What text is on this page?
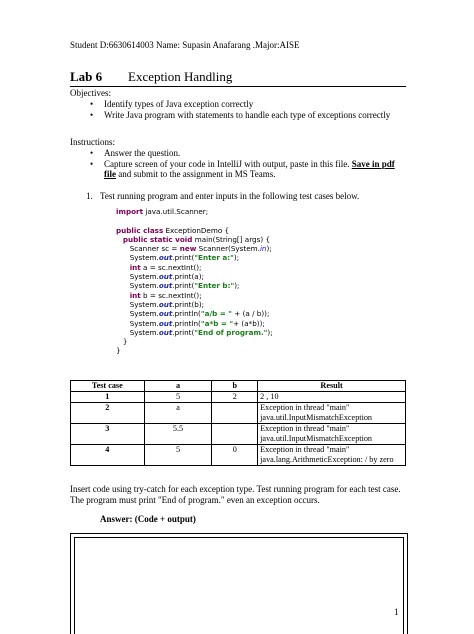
Student D:6630614003 Name: Supasin Anafarang .Major:AISE
Lab 6 Exception Handling
Objectives:
• Identify types of Java exception correctly
• Write Java program with statements to handle each type of exceptions correctly
Instructions:
• Answer the question.
• Capture screen of your code in IntelliJ with output, paste in this file. Save in pdf file and submit to the assignment in MS Teams.
1. Test running program and enter inputs in the following test cases below.
import java.util.Scanner;

public class ExceptionDemo {
public static void main(String[] args) {
Scanner sc = new Scanner(System.in);
System.out.print("Enter a:");
int a = sc.nextInt();
System.out.print(a);
System.out.print("Enter b:");
int b = sc.nextInt();
System.out.print(b);
System.out.println("a/b = " + (a / b));
System.out.println("a*b = "+ (a*b));
System.out.print("End of program.");
}
}
Test case	a	b	Result
1	5	2	2 , 10
2	a		Exception in thread "main" java.util.InputMismatchException
3	5.5		Exception in thread "main" java.util.InputMismatchException
4	5	0	Exception in thread "main" java.lang.ArithmeticException: / by zero
Insert code using try-catch for each exception type. Test running program for each test case. The program must print "End of program." even an exception occurs.
Answer: (Code + output)
1
